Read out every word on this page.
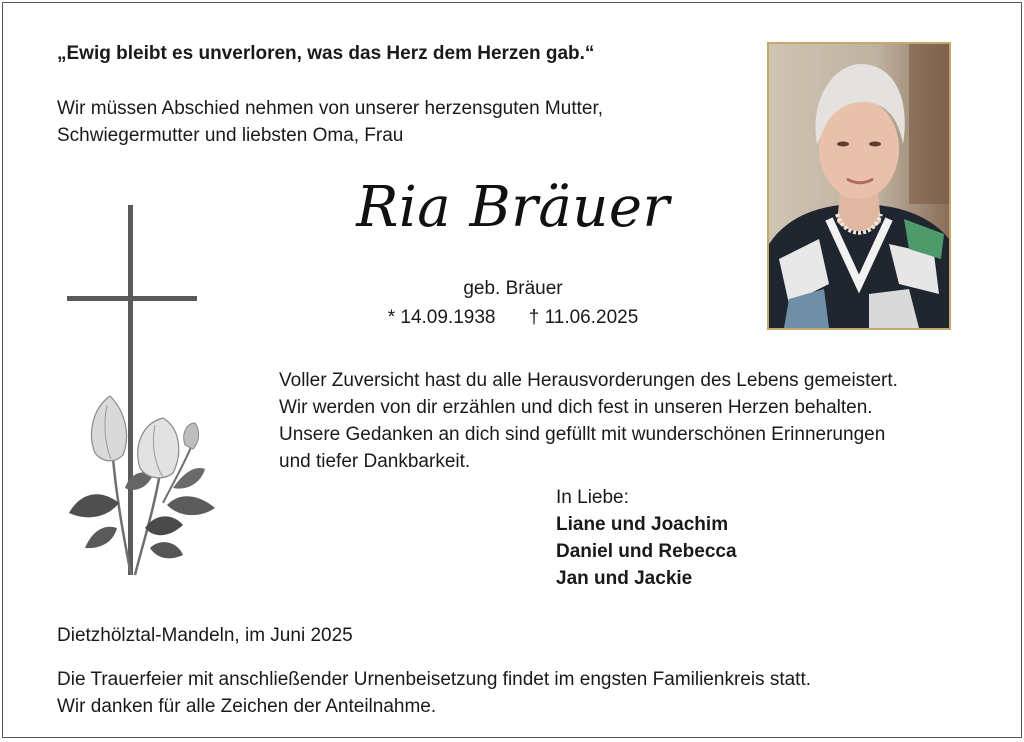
„Ewig bleibt es unverloren, was das Herz dem Herzen gab.“

Wir müssen Abschied nehmen von unserer herzensguten Mutter,
Schwiegermutter und liebsten Oma, Frau

Ria Bräuer

geb. Bräuer

* 14.09.1938 † 11.06.2025

Voller Zuversicht hast du alle Herausvorderungen des Lebens gemeistert.
Wir werden von dir erzählen und dich fest in unseren Herzen behalten.
Unsere Gedanken an dich sind gefüllt mit wunderschönen Erinnerungen
und tiefer Dankbarkeit.

In Liebe:
Liane und Joachim
Daniel und Rebecca
Jan und Jackie

Dietzhölztal-Mandeln, im Juni 2025

Die Trauerfeier mit anschließender Urnenbeisetzung findet im engsten Familienkreis statt.
Wir danken für alle Zeichen der Anteilnahme.
